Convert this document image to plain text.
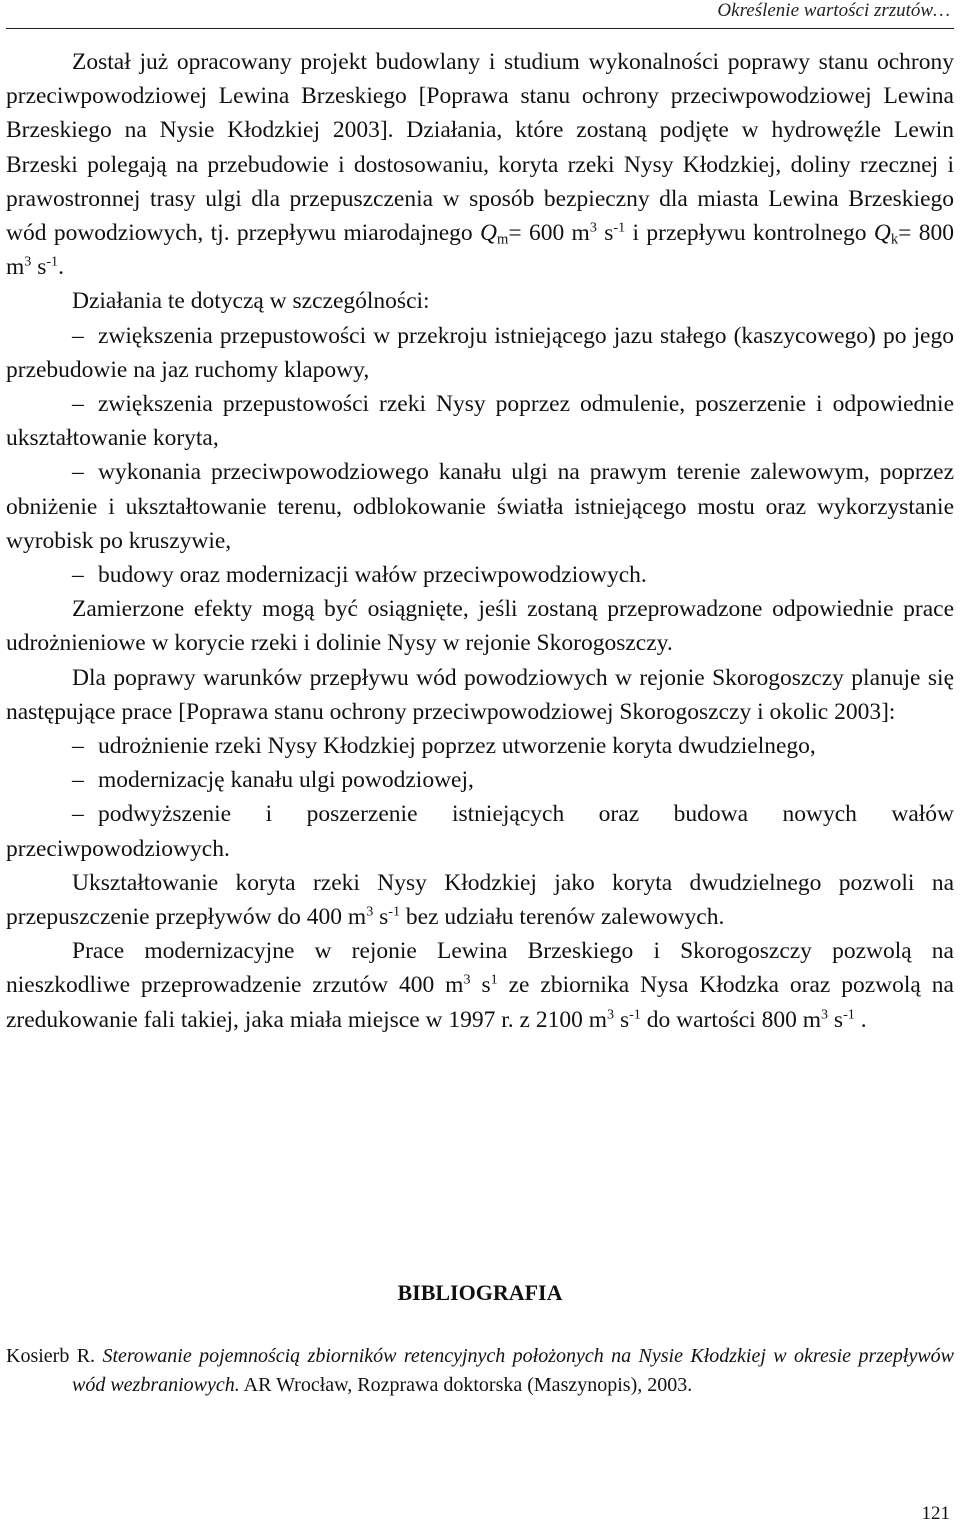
Określenie wartości zrzutów…

Został już opracowany projekt budowlany i studium wykonalności poprawy stanu ochrony przeciwpowodziowej Lewina Brzeskiego [Poprawa stanu ochrony przeciwpowodziowej Lewina Brzeskiego na Nysie Kłodzkiej 2003]. Działania, które zostaną podjęte w hydrowęźle Lewin Brzeski polegają na przebudowie i dostosowaniu, koryta rzeki Nysy Kłodzkiej, doliny rzecznej i prawostronnej trasy ulgi dla przepuszczenia w sposób bezpieczny dla miasta Lewina Brzeskiego wód powodziowych, tj. przepływu miarodajnego $Q_m= 600$ $m^3$ $s^{-1}$ i przepływu kontrolnego $Q_k= 800$ $m^3$ $s^{-1}$.

Działania te dotyczą w szczególności:

– zwiększenia przepustowości w przekroju istniejącego jazu stałego (kaszycowego) po jego przebudowie na jaz ruchomy klapowy,

– zwiększenia przepustowości rzeki Nysy poprzez odmulenie, poszerzenie i odpowiednie ukształtowanie koryta,

– wykonania przeciwpowodziowego kanału ulgi na prawym terenie zalewowym, poprzez obniżenie i ukształtowanie terenu, odblokowanie światła istniejącego mostu oraz wykorzystanie wyrobisk po kruszywie,

– budowy oraz modernizacji wałów przeciwpowodziowych.

Zamierzone efekty mogą być osiągnięte, jeśli zostaną przeprowadzone odpowiednie prace udrożnieniowe w korycie rzeki i dolinie Nysy w rejonie Skorogoszczy.

Dla poprawy warunków przepływu wód powodziowych w rejonie Skorogoszczy planuje się następujące prace [Poprawa stanu ochrony przeciwpowodziowej Skorogoszczy i okolic 2003]:

– udrożnienie rzeki Nysy Kłodzkiej poprzez utworzenie koryta dwudzielnego,

– modernizację kanału ulgi powodziowej,

– podwyższenie i poszerzenie istniejących oraz budowa nowych wałów przeciwpowodziowych.

Ukształtowanie koryta rzeki Nysy Kłodzkiej jako koryta dwudzielnego pozwoli na przepuszczenie przepływów do 400 $m^3$ $s^{-1}$ bez udziału terenów zalewowych.

Prace modernizacyjne w rejonie Lewina Brzeskiego i Skorogoszczy pozwolą na nieszkodliwe przeprowadzenie zrzutów 400 $m^3$ $s^1$ ze zbiornika Nysa Kłodzka oraz pozwolą na zredukowanie fali takiej, jaka miała miejsce w 1997 r. z 2100 $m^3$ $s^{-1}$ do wartości 800 $m^3$ $s^{-1}$ .

BIBLIOGRAFIA
Kosierb R. Sterowanie pojemnością zbiorników retencyjnych położonych na Nysie Kłodzkiej w okresie przepływów wód wezbraniowych. AR Wrocław, Rozprawa doktorska (Maszynopis), 2003.
121
